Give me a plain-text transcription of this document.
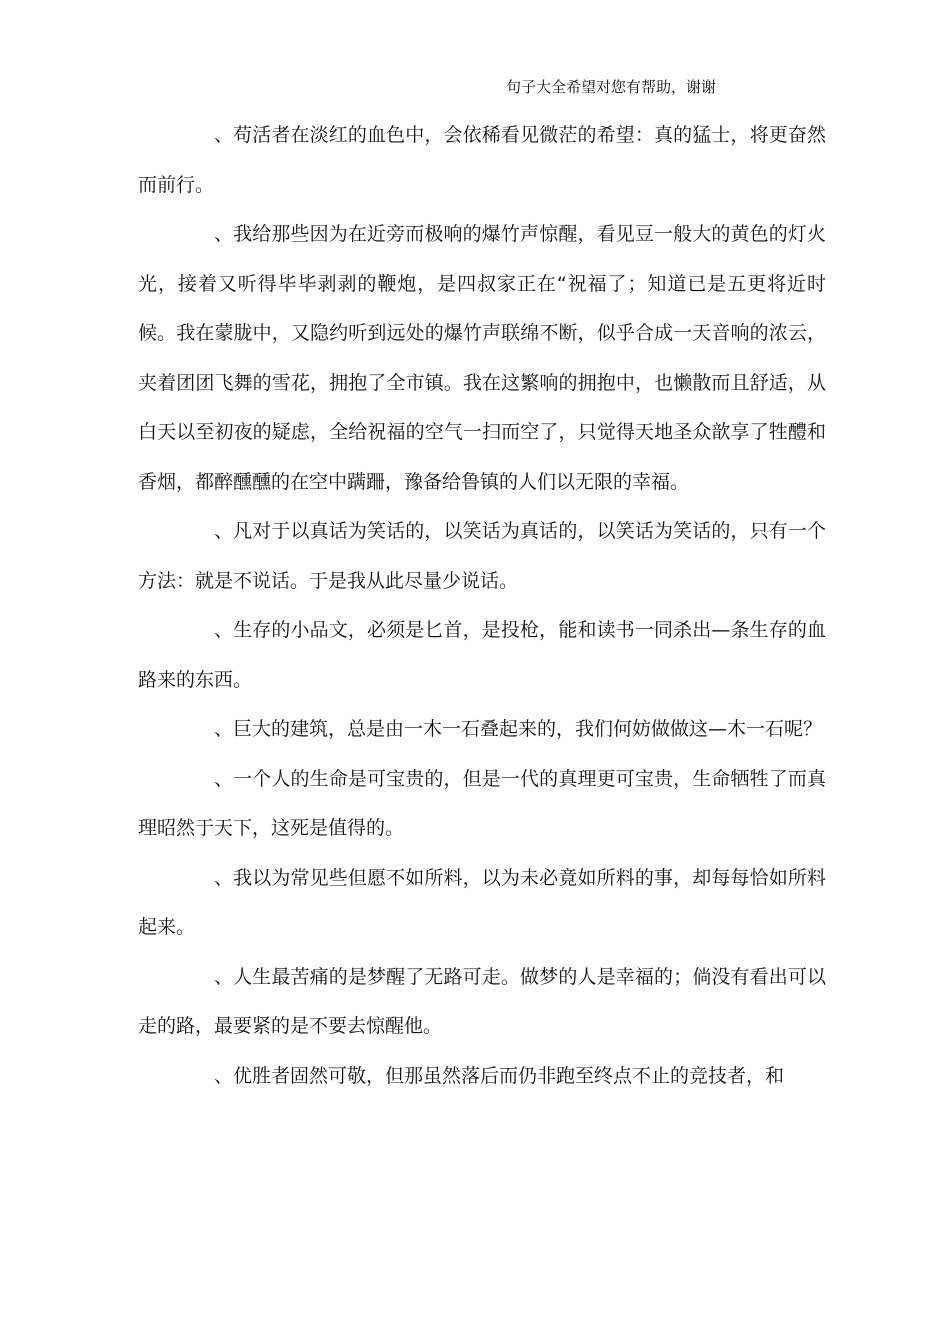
句子大全希望对您有帮助，谢谢

、苟活者在淡红的血色中，会依稀看见微茫的希望：真的猛士，将更奋然而前行。

、我给那些因为在近旁而极响的爆竹声惊醒，看见豆一般大的黄色的灯火光，接着又听得毕毕剥剥的鞭炮，是四叔家正在“祝福了；知道已是五更将近时候。我在蒙胧中，又隐约听到远处的爆竹声联绵不断，似乎合成一天音响的浓云，夹着团团飞舞的雪花，拥抱了全市镇。我在这繁响的拥抱中，也懒散而且舒适，从白天以至初夜的疑虑，全给祝福的空气一扫而空了，只觉得天地圣众歆享了牲醴和香烟，都醉醺醺的在空中蹒跚，豫备给鲁镇的人们以无限的幸福。

、凡对于以真话为笑话的，以笑话为真话的，以笑话为笑话的，只有一个方法：就是不说话。于是我从此尽量少说话。

、生存的小品文，必须是匕首，是投枪，能和读书一同杀出—条生存的血路来的东西。

、巨大的建筑，总是由一木一石叠起来的，我们何妨做做这—木一石呢？

、一个人的生命是可宝贵的，但是一代的真理更可宝贵，生命牺牲了而真理昭然于天下，这死是值得的。

、我以为常见些但愿不如所料，以为未必竟如所料的事，却每每恰如所料起来。

、人生最苦痛的是梦醒了无路可走。做梦的人是幸福的；倘没有看出可以走的路，最要紧的是不要去惊醒他。

、优胜者固然可敬，但那虽然落后而仍非跑至终点不止的竞技者，和
